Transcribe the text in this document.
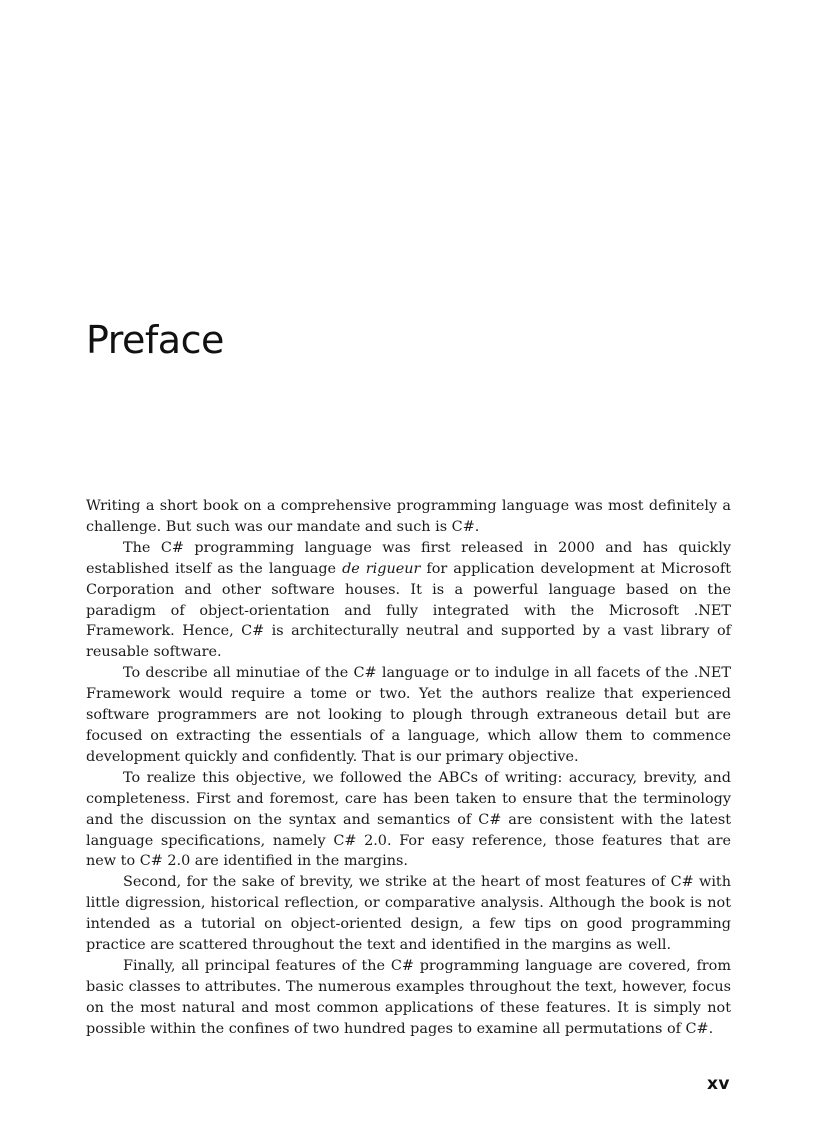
Preface

Writing a short book on a comprehensive programming language was most definitely a challenge. But such was our mandate and such is C#.

The C# programming language was first released in 2000 and has quickly established itself as the language de rigueur for application development at Microsoft Corporation and other software houses. It is a powerful language based on the paradigm of object-orientation and fully integrated with the Microsoft .NET Framework. Hence, C# is architecturally neutral and supported by a vast library of reusable software.

To describe all minutiae of the C# language or to indulge in all facets of the .NET Framework would require a tome or two. Yet the authors realize that experienced software programmers are not looking to plough through extraneous detail but are focused on extracting the essentials of a language, which allow them to commence development quickly and confidently. That is our primary objective.

To realize this objective, we followed the ABCs of writing: accuracy, brevity, and completeness. First and foremost, care has been taken to ensure that the terminology and the discussion on the syntax and semantics of C# are consistent with the latest language specifications, namely C# 2.0. For easy reference, those features that are new to C# 2.0 are identified in the margins.

Second, for the sake of brevity, we strike at the heart of most features of C# with little digression, historical reflection, or comparative analysis. Although the book is not intended as a tutorial on object-oriented design, a few tips on good programming practice are scattered throughout the text and identified in the margins as well.

Finally, all principal features of the C# programming language are covered, from basic classes to attributes. The numerous examples throughout the text, however, focus on the most natural and most common applications of these features. It is simply not possible within the confines of two hundred pages to examine all permutations of C#.

xv
